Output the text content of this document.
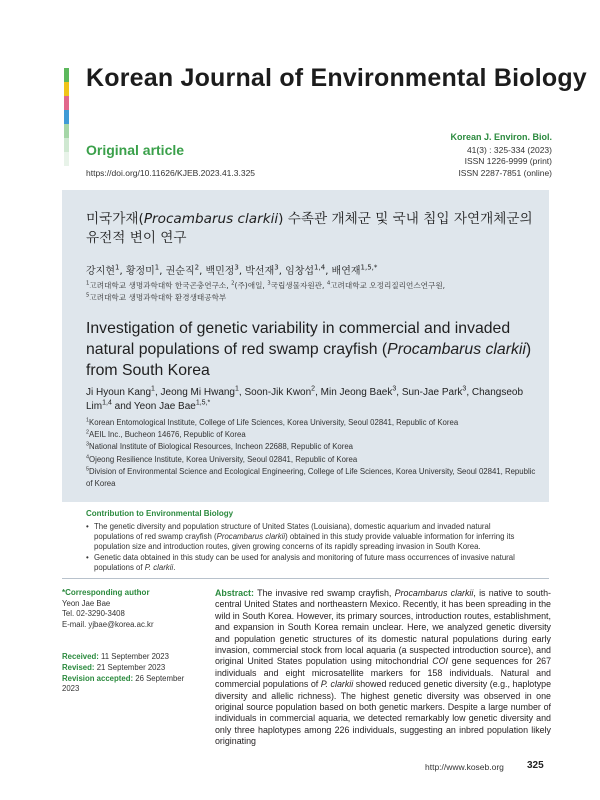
Korean Journal of Environmental Biology
Original article
https://doi.org/10.11626/KJEB.2023.41.3.325
Korean J. Environ. Biol.
41(3) : 325-334 (2023)
ISSN 1226-9999 (print)
ISSN 2287-7851 (online)
미국가재(Procambarus clarkii) 수족관 개체군 및 국내 침입 자연개체군의 유전적 변이 연구
강지현$^1$, 황정미$^1$, 권순직$^2$, 백민정$^3$, 박선재$^3$, 임창섭$^{1,4}$, 배연재$^{1,5,*}$
$^1$고려대학교 생명과학대학 한국곤충연구소, $^2$(주)애일, $^3$국립생물자원관, $^4$고려대학교 오정리질리언스연구원,
$^5$고려대학교 생명과학대학 환경생태공학부
Investigation of genetic variability in commercial and invaded natural populations of red swamp crayfish (Procambarus clarkii) from South Korea
Ji Hyoun Kang$^1$, Jeong Mi Hwang$^1$, Soon-Jik Kwon$^2$, Min Jeong Baek$^3$, Sun-Jae Park$^3$, Changseob Lim$^{1,4}$ and Yeon Jae Bae$^{1,5,*}$
$^1$Korean Entomological Institute, College of Life Sciences, Korea University, Seoul 02841, Republic of Korea
$^2$AEIL Inc., Bucheon 14676, Republic of Korea
$^3$National Institute of Biological Resources, Incheon 22688, Republic of Korea
$^4$Ojeong Resilience Institute, Korea University, Seoul 02841, Republic of Korea
$^5$Division of Environmental Science and Ecological Engineering, College of Life Sciences, Korea University, Seoul 02841, Republic of Korea
Contribution to Environmental Biology
• The genetic diversity and population structure of United States (Louisiana), domestic aquarium and invaded natural populations of red swamp crayfish (Procambarus clarkii) obtained in this study provide valuable information for inferring its population size and introduction routes, given growing concerns of its rapidly spreading invasion in South Korea.
• Genetic data obtained in this study can be used for analysis and monitoring of future mass occurrences of invasive natural populations of P. clarkii.
*Corresponding author
Yeon Jae Bae
Tel. 02-3290-3408
E-mail. yjbae@korea.ac.kr
Received: 11 September 2023
Revised: 21 September 2023
Revision accepted: 26 September 2023
Abstract: The invasive red swamp crayfish, Procambarus clarkii, is native to south-central United States and northeastern Mexico. Recently, it has been spreading in the wild in South Korea. However, its primary sources, introduction routes, establishment, and expansion in South Korea remain unclear. Here, we analyzed genetic diversity and population genetic structures of its domestic natural populations during early invasion, commercial stock from local aquaria (a suspected introduction source), and original United States population using mitochondrial COI gene sequences for 267 individuals and eight microsatellite markers for 158 individuals. Natural and commercial populations of P. clarkii showed reduced genetic diversity (e.g., haplotype diversity and allelic richness). The highest genetic diversity was observed in one original source population based on both genetic markers. Despite a large number of individuals in commercial aquaria, we detected remarkably low genetic diversity and only three haplotypes among 226 individuals, suggesting an inbred population likely originating
http://www.koseb.org 325
